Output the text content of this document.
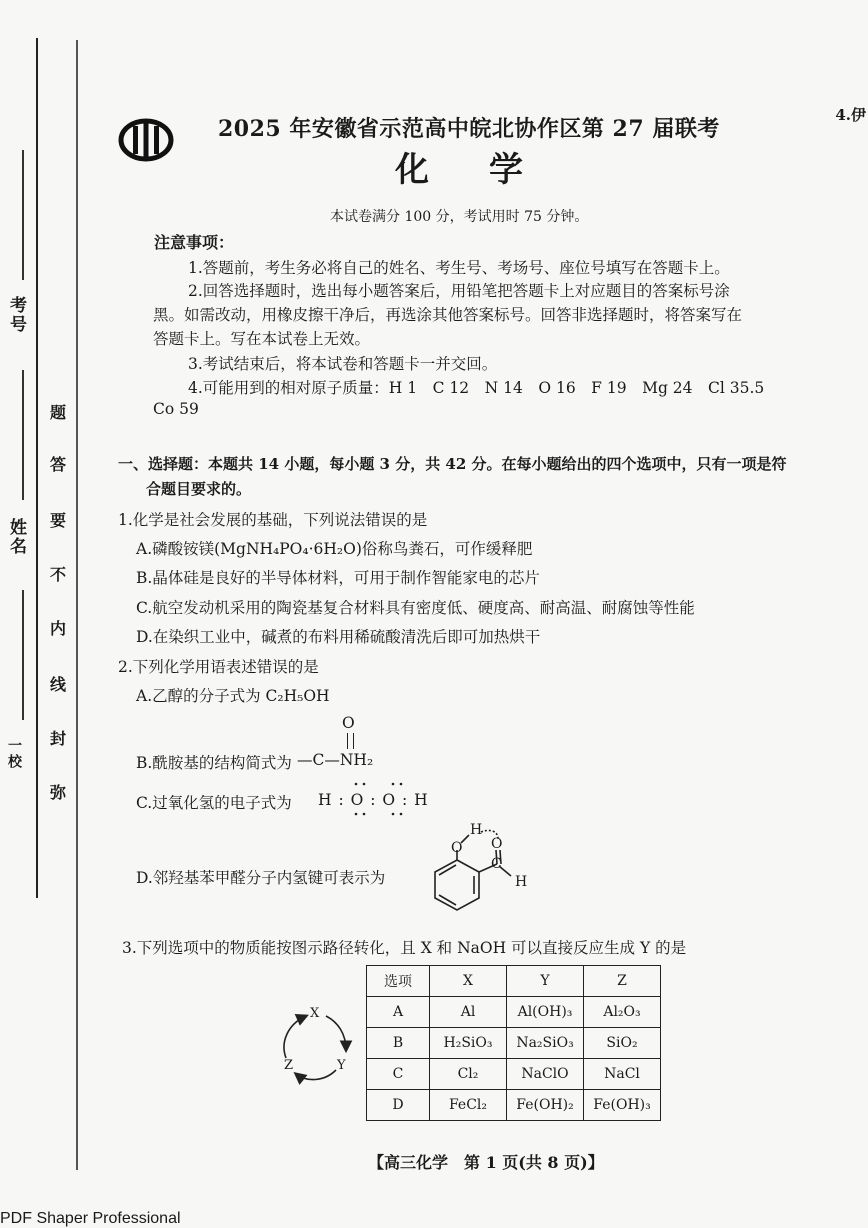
考号
姓名
一校
题
答
要
不
内
线
封
弥
4.伊
2025 年安徽省示范高中皖北协作区第 27 届联考
化学
本试卷满分 100 分，考试用时 75 分钟。
注意事项：
1.答题前，考生务必将自己的姓名、考生号、考场号、座位号填写在答题卡上。
2.回答选择题时，选出每小题答案后，用铅笔把答题卡上对应题目的答案标号涂
黑。如需改动，用橡皮擦干净后，再选涂其他答案标号。回答非选择题时，将答案写在
答题卡上。写在本试卷上无效。
3.考试结束后，将本试卷和答题卡一并交回。
4.可能用到的相对原子质量：H 1　C 12　N 14　O 16　F 19　Mg 24　Cl 35.5
Co 59
一、选择题：本题共 14 小题，每小题 3 分，共 42 分。在每小题给出的四个选项中，只有一项是符
合题目要求的。
1.化学是社会发展的基础，下列说法错误的是
A.磷酸铵镁(MgNH₄PO₄·6H₂O)俗称鸟粪石，可作缓释肥
B.晶体硅是良好的半导体材料，可用于制作智能家电的芯片
C.航空发动机采用的陶瓷基复合材料具有密度低、硬度高、耐高温、耐腐蚀等性能
D.在染织工业中，碱煮的布料用稀硫酸清洗后即可加热烘干
2.下列化学用语表述错误的是
A.乙醇的分子式为 C₂H₅OH
B.酰胺基的结构简式为
O
—C—NH₂
C.过氧化氢的电子式为 H : O : O : H
D.邻羟基苯甲醛分子内氢键可表示为
O
H
O
C
H
3.下列选项中的物质能按图示路径转化，且 X 和 NaOH 可以直接反应生成 Y 的是
X
Y
Z
选项	X	Y	Z
A	Al	Al(OH)₃	Al₂O₃
B	H₂SiO₃	Na₂SiO₃	SiO₂
C	Cl₂	NaClO	NaCl
D	FeCl₂	Fe(OH)₂	Fe(OH)₃
【高三化学　第 1 页(共 8 页)】
PDF Shaper Professional
